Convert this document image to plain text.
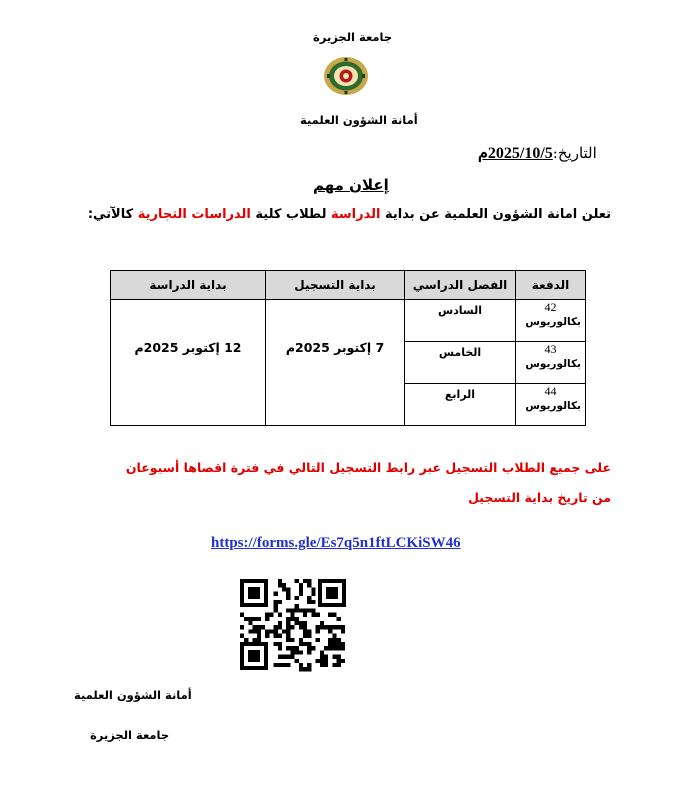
جامعة الجزيرة
أمانة الشؤون العلمية
التاريخ:2025/10/5م
إعلان مهم
تعلن امانة الشؤون العلمية عن بداية الدراسة لطلاب كلية الدراسات التجارية كالآتي:
الدفعة	الفصل الدراسي	بداية التسجيل	بداية الدراسة

42
بكالوريوس	السادس	7 إكتوبر 2025م	12 إكتوبر 2025م

43
بكالوريوس	الخامس		

44
بكالوريوس	الرابع		
على جميع الطلاب التسجيل عبر رابط التسجيل التالي في فترة اقصاها أسبوعان
من تاريخ بداية التسجيل
https://forms.gle/Es7q5n1ftLCKiSW46
أمانة الشؤون العلمية
جامعة الجزيرة
